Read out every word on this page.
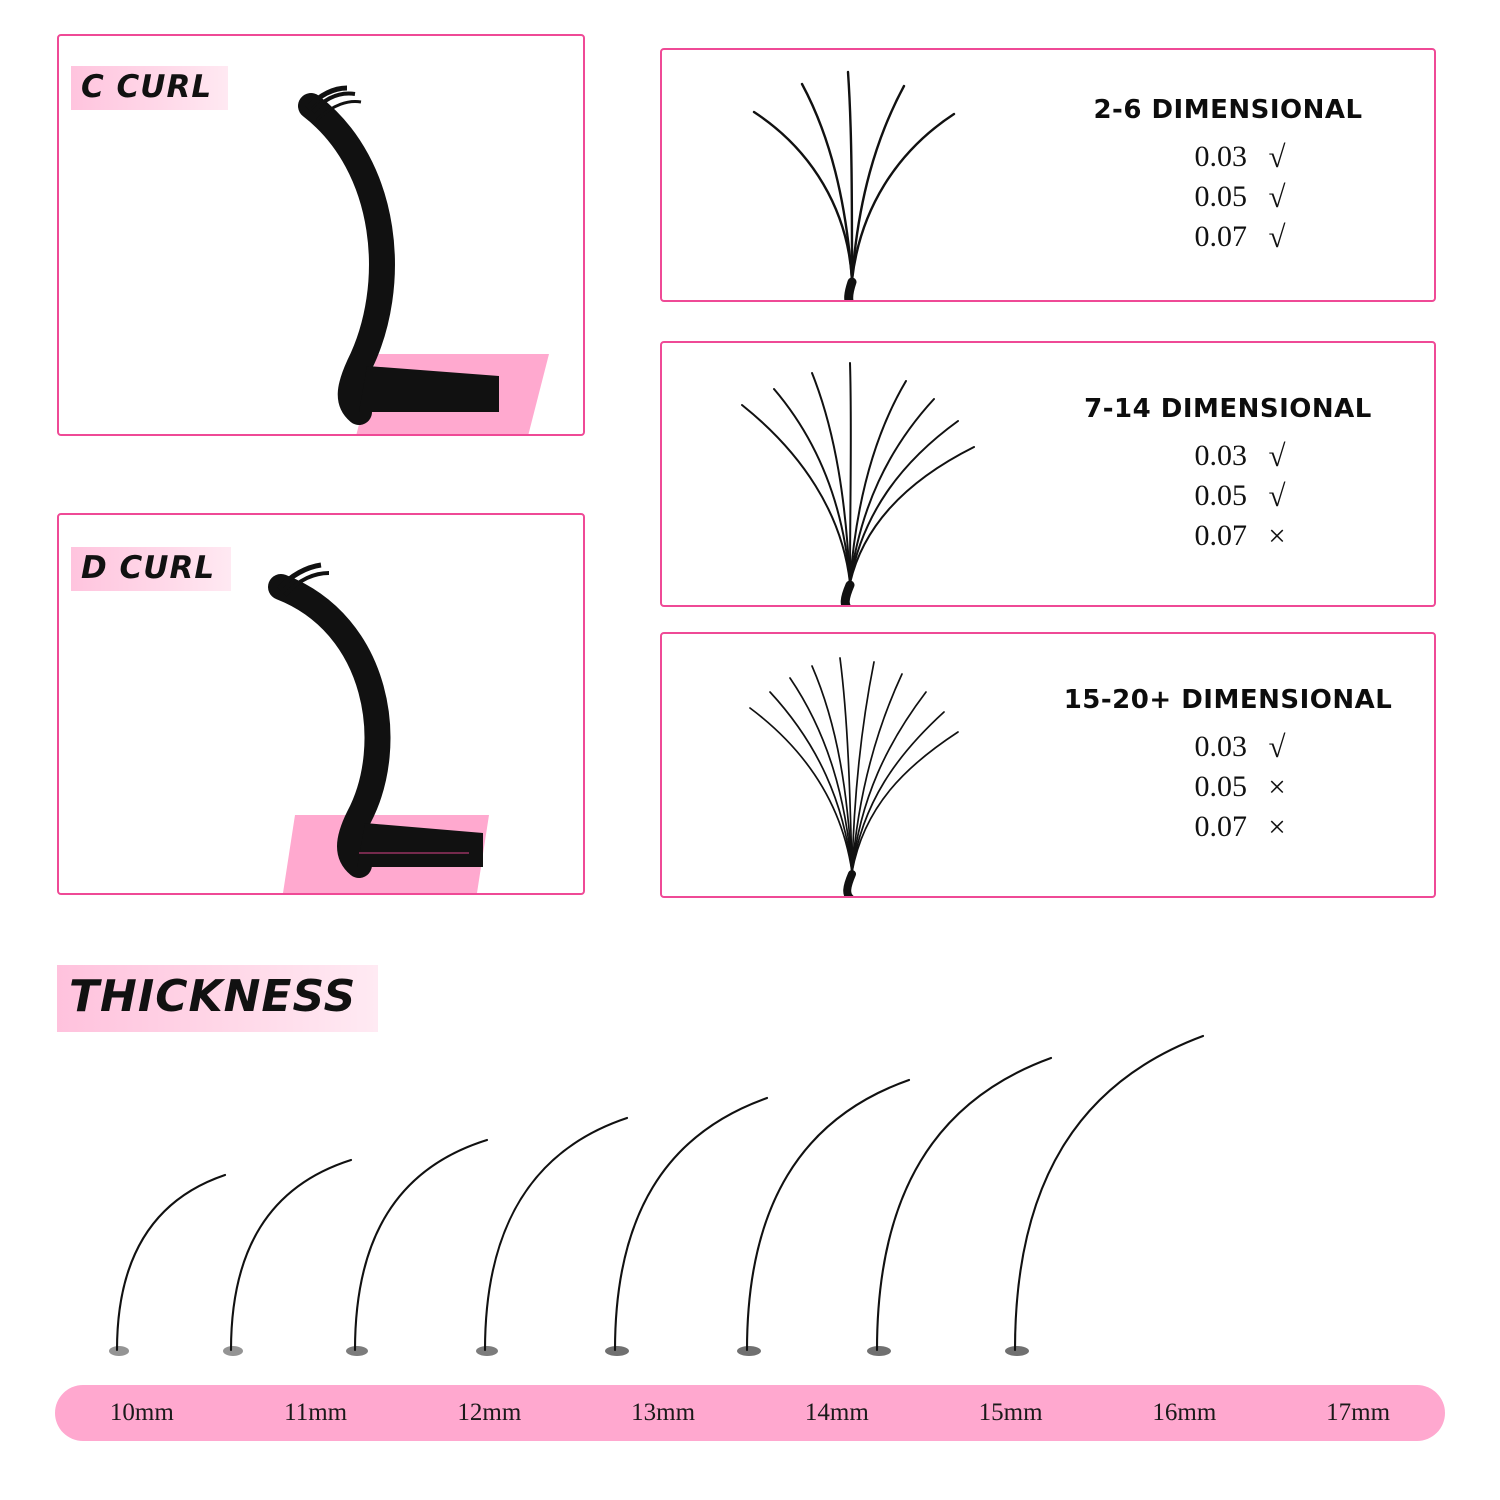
C CURL
D CURL
2-6 DIMENSIONAL
0.03 √
0.05 √
0.07 √
7-14 DIMENSIONAL
0.03 √
0.05 √
0.07 ×
15-20+ DIMENSIONAL
0.03 √
0.05 ×
0.07 ×
THICKNESS
10mm	11mm	12mm	13mm	14mm	15mm	16mm	17mm
